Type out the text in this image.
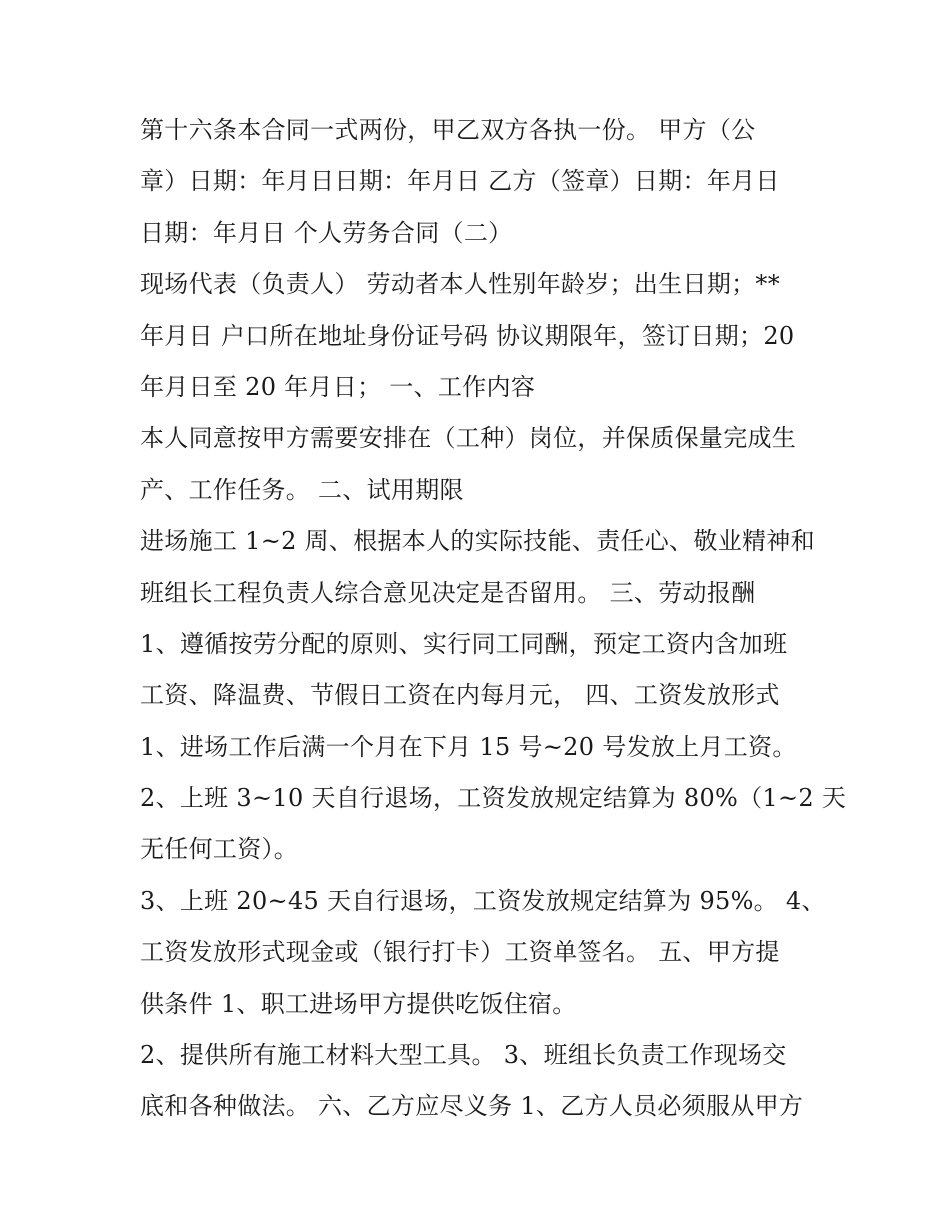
第十六条本合同一式两份，甲乙双方各执一份。 甲方（公
章）日期：年月日日期：年月日 乙方（签章）日期：年月日
日期：年月日 个人劳务合同（二）
现场代表（负责人） 劳动者本人性别年龄岁；出生日期；**
年月日 户口所在地址身份证号码 协议期限年，签订日期；20
年月日至 20 年月日； 一、工作内容
本人同意按甲方需要安排在（工种）岗位，并保质保量完成生
产、工作任务。 二、试用期限
进场施工 1~2 周、根据本人的实际技能、责任心、敬业精神和
班组长工程负责人综合意见决定是否留用。 三、劳动报酬
1、遵循按劳分配的原则、实行同工同酬，预定工资内含加班
工资、降温费、节假日工资在内每月元， 四、工资发放形式
1、进场工作后满一个月在下月 15 号~20 号发放上月工资。
2、上班 3~10 天自行退场，工资发放规定结算为 80%（1~2 天
无任何工资）。
3、上班 20~45 天自行退场，工资发放规定结算为 95%。 4、
工资发放形式现金或（银行打卡）工资单签名。 五、甲方提
供条件 1、职工进场甲方提供吃饭住宿。
2、提供所有施工材料大型工具。 3、班组长负责工作现场交
底和各种做法。 六、乙方应尽义务 1、乙方人员必须服从甲方
